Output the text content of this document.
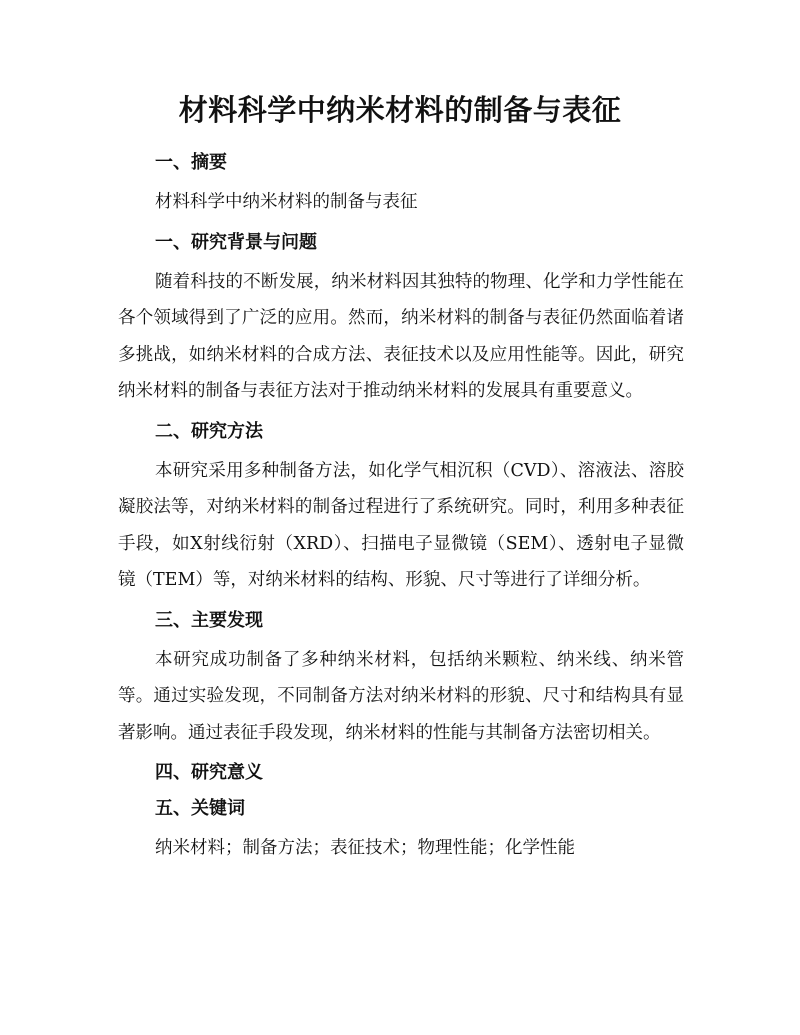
材料科学中纳米材料的制备与表征
一、摘要

材料科学中纳米材料的制备与表征

一、研究背景与问题

随着科技的不断发展，纳米材料因其独特的物理、化学和力学性能在各个领域得到了广泛的应用。然而，纳米材料的制备与表征仍然面临着诸多挑战，如纳米材料的合成方法、表征技术以及应用性能等。因此，研究纳米材料的制备与表征方法对于推动纳米材料的发展具有重要意义。

二、研究方法

本研究采用多种制备方法，如化学气相沉积（CVD）、溶液法、溶胶凝胶法等，对纳米材料的制备过程进行了系统研究。同时，利用多种表征手段，如X射线衍射（XRD）、扫描电子显微镜（SEM）、透射电子显微镜（TEM）等，对纳米材料的结构、形貌、尺寸等进行了详细分析。

三、主要发现

本研究成功制备了多种纳米材料，包括纳米颗粒、纳米线、纳米管等。通过实验发现，不同制备方法对纳米材料的形貌、尺寸和结构具有显著影响。通过表征手段发现，纳米材料的性能与其制备方法密切相关。

四、研究意义
五、关键词

纳米材料；制备方法；表征技术；物理性能；化学性能
